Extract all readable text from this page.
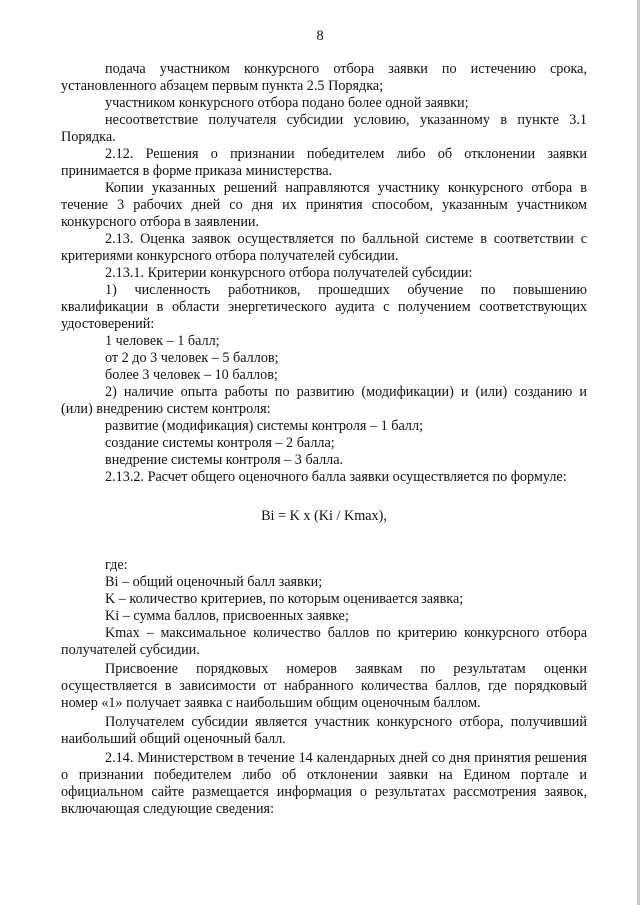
8

подача участником конкурсного отбора заявки по истечению срока, установленного абзацем первым пункта 2.5 Порядка;

участником конкурсного отбора подано более одной заявки;

несоответствие получателя субсидии условию, указанному в пункте 3.1 Порядка.

2.12. Решения о признании победителем либо об отклонении заявки принимается в форме приказа министерства.

Копии указанных решений направляются участнику конкурсного отбора в течение 3 рабочих дней со дня их принятия способом, указанным участником конкурсного отбора в заявлении.

2.13. Оценка заявок осуществляется по балльной системе в соответствии с критериями конкурсного отбора получателей субсидии.

2.13.1. Критерии конкурсного отбора получателей субсидии:

1) численность работников, прошедших обучение по повышению квалификации в области энергетического аудита с получением соответствующих удостоверений:

1 человек – 1 балл;

от 2 до 3 человек – 5 баллов;

более 3 человек – 10 баллов;

2) наличие опыта работы по развитию (модификации) и (или) созданию и (или) внедрению систем контроля:

развитие (модификация) системы контроля – 1 балл;

создание системы контроля – 2 балла;

внедрение системы контроля – 3 балла.

2.13.2. Расчет общего оценочного балла заявки осуществляется по формуле:

Bi = K x (Ki / Kmax),

где:

Bi – общий оценочный балл заявки;

K – количество критериев, по которым оценивается заявка;

Ki – сумма баллов, присвоенных заявке;

Kmax – максимальное количество баллов по критерию конкурсного отбора получателей субсидии.

Присвоение порядковых номеров заявкам по результатам оценки осуществляется в зависимости от набранного количества баллов, где порядковый номер «1» получает заявка с наибольшим общим оценочным баллом.

Получателем субсидии является участник конкурсного отбора, получивший наибольший общий оценочный балл.

2.14. Министерством в течение 14 календарных дней со дня принятия решения о признании победителем либо об отклонении заявки на Едином портале и официальном сайте размещается информация о результатах рассмотрения заявок, включающая следующие сведения:
